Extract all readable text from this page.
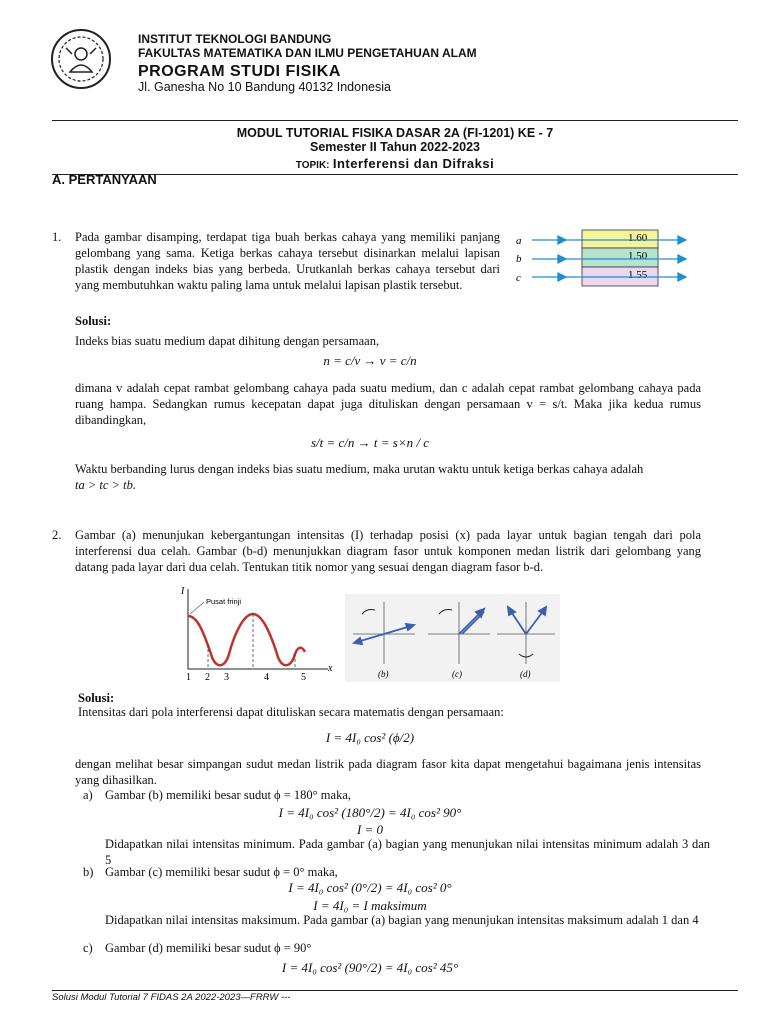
INSTITUT TEKNOLOGI BANDUNG
FAKULTAS MATEMATIKA DAN ILMU PENGETAHUAN ALAM
PROGRAM STUDI FISIKA
Jl. Ganesha No 10 Bandung 40132 Indonesia
MODUL TUTORIAL FISIKA DASAR 2A (FI-1201) KE - 7
Semester II Tahun 2022-2023
TOPIK: Interferensi dan Difraksi
A. PERTANYAAN
1. Pada gambar disamping, terdapat tiga buah berkas cahaya yang memiliki panjang gelombang yang sama. Ketiga berkas cahaya tersebut disinarkan melalui lapisan plastik dengan indeks bias yang berbeda. Urutkanlah berkas cahaya tersebut dari yang membutuhkan waktu paling lama untuk melalui lapisan plastik tersebut.
1.60
1.50
1.55
a
b
c
Solusi:
Indeks bias suatu medium dapat dihitung dengan persamaan,
n = c/v → v = c/n
dimana v adalah cepat rambat gelombang cahaya pada suatu medium, dan c adalah cepat rambat gelombang cahaya pada ruang hampa. Sedangkan rumus kecepatan dapat juga dituliskan dengan persamaan v = s/t. Maka jika kedua rumus dibandingkan,
s/t = c/n → t = s×n / c
Waktu berbanding lurus dengan indeks bias suatu medium, maka urutan waktu untuk ketiga berkas cahaya adalah
ta > tc > tb.
2. Gambar (a) menunjukan kebergantungan intensitas (I) terhadap posisi (x) pada layar untuk bagian tengah dari pola interferensi dua celah. Gambar (b-d) menunjukkan diagram fasor untuk komponen medan listrik dari gelombang yang datang pada layar dari dua celah. Tentukan titik nomor yang sesuai dengan diagram fasor b-d.
I
x
Pusat frinji
1 2 3	4	5	(b)	(c)	(d)
Solusi:
Intensitas dari pola interferensi dapat dituliskan secara matematis dengan persamaan:
I = 4I₀ cos² (ϕ/2)
dengan melihat besar simpangan sudut medan listrik pada diagram fasor kita dapat mengetahui bagaimana jenis intensitas yang dihasilkan.
a) Gambar (b) memiliki besar sudut ϕ = 180° maka,
I = 4I₀ cos² (180°/2) = 4I₀ cos² 90°
I = 0
Didapatkan nilai intensitas minimum. Pada gambar (a) bagian yang menunjukan nilai intensitas minimum adalah 3 dan 5
b) Gambar (c) memiliki besar sudut ϕ = 0° maka,
I = 4I₀ cos² (0°/2) = 4I₀ cos² 0°
I = 4I₀ = I maksimum
Didapatkan nilai intensitas maksimum. Pada gambar (a) bagian yang menunjukan intensitas maksimum adalah 1 dan 4
c) Gambar (d) memiliki besar sudut ϕ = 90°
I = 4I₀ cos² (90°/2) = 4I₀ cos² 45°
Solusi Modul Tutorial 7 FIDAS 2A 2022-2023—FRRW ---
